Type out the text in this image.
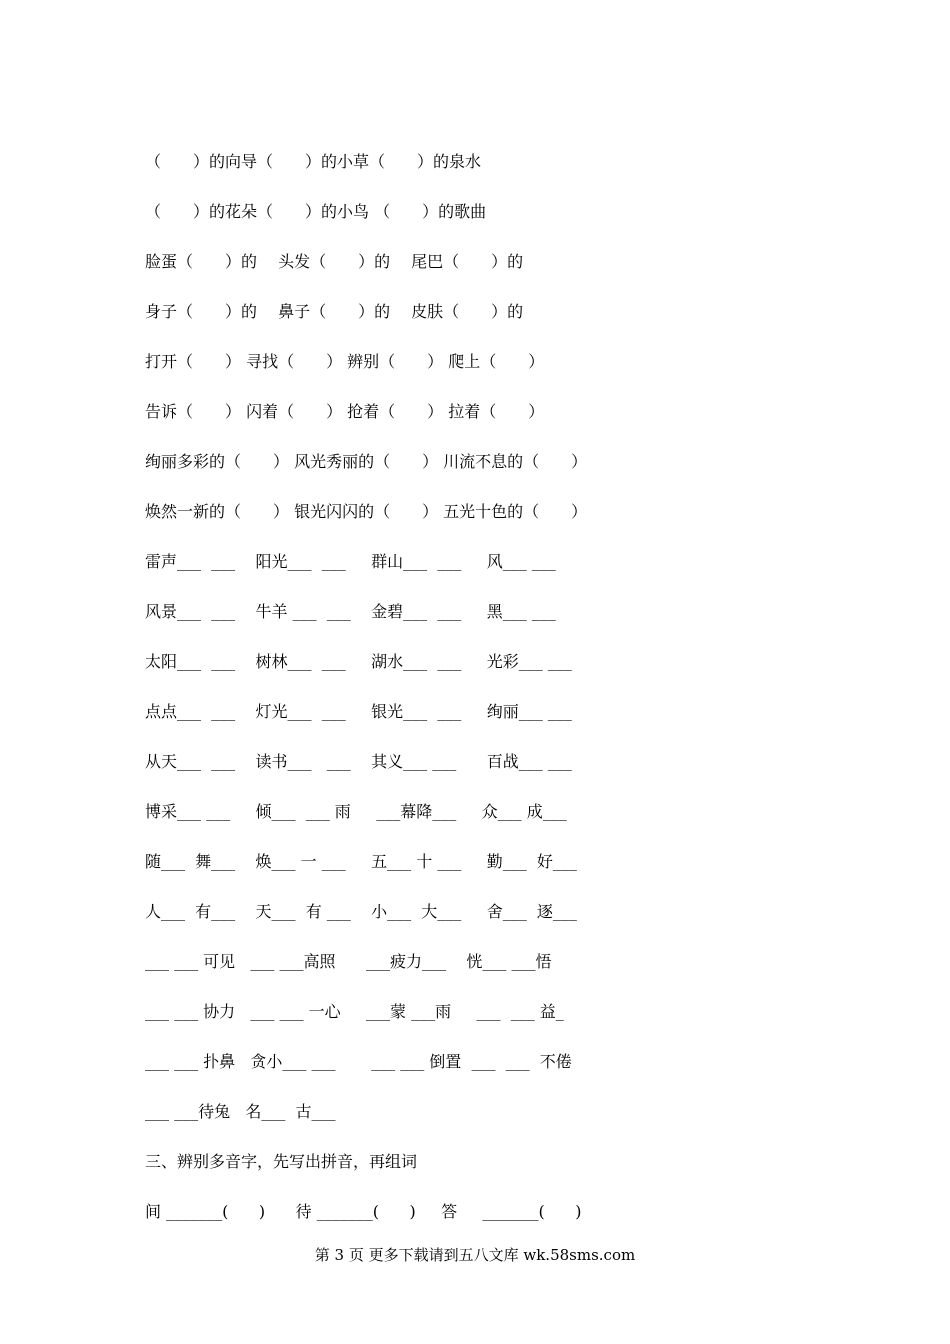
（　　）的向导（　　）的小草（　　）的泉水
（　　）的花朵（　　）的小鸟 （　　）的歌曲
脸蛋（　　）的　 头发（　　）的　 尾巴（　　）的
身子（　　）的　 鼻子（　　）的　 皮肤（　　）的
打开（　　） 寻找（　　） 辨别（　　） 爬上（　　）
告诉（　　） 闪着（　　） 抢着（　　） 拉着（　　）
绚丽多彩的（　　） 风光秀丽的（　　） 川流不息的（　　）
焕然一新的（　　） 银光闪闪的（　　） 五光十色的（　　）
雷声___  ___    阳光___  ___     群山___  ___     风___ ___
风景___  ___    牛羊 ___  ___    金碧___  ___     黑___ ___
太阳___  ___    树林___  ___     湖水___  ___     光彩___ ___
点点___  ___    灯光___  ___     银光___  ___     绚丽___ ___
从天___  ___    读书___   ___    其义___ ___      百战___ ___
博采___ ___     倾___  ___ 雨     ___幕降___     众___ 成___
随___  舞___    焕___ 一 ___     五___ 十 ___     勤___  好___
人___  有___    天___  有 ___    小___  大___     舍___  逐___
___ ___ 可见   ___ ___高照      ___疲力___    恍___ ___悟
___ ___ 协力   ___ ___ 一心     ___蒙 ___雨     ___  ___ 益_
___ ___ 扑鼻   贪小___ ___       ___ ___ 倒置  ___  ___  不倦
___ ___待兔   名___  古___
三、辨别多音字，先写出拼音，再组词
间 _______(      )      待 _______(      )     答     _______(      )
第 3 页 更多下载请到五八文库 wk.58sms.com
